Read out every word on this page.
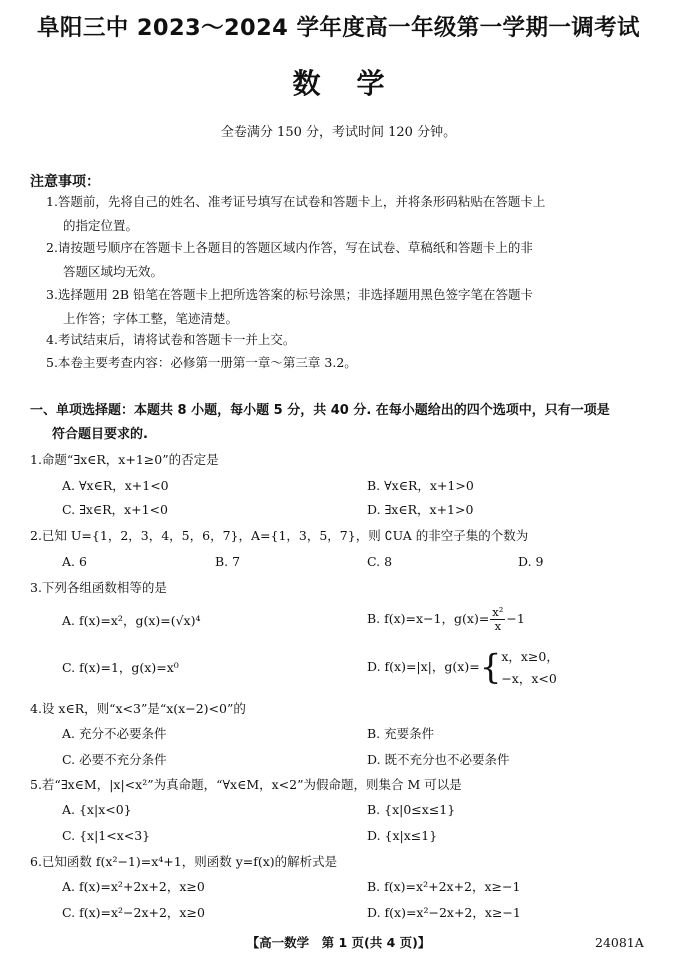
阜阳三中 2023～2024 学年度高一年级第一学期一调考试
数学
全卷满分 150 分，考试时间 120 分钟。
注意事项：
1.答题前，先将自己的姓名、准考证号填写在试卷和答题卡上，并将条形码粘贴在答题卡上
的指定位置。
2.请按题号顺序在答题卡上各题目的答题区域内作答，写在试卷、草稿纸和答题卡上的非
答题区域均无效。
3.选择题用 2B 铅笔在答题卡上把所选答案的标号涂黑；非选择题用黑色签字笔在答题卡
上作答；字体工整，笔迹清楚。
4.考试结束后，请将试卷和答题卡一并上交。
5.本卷主要考查内容：必修第一册第一章～第三章 3.2。
一、单项选择题：本题共 8 小题，每小题 5 分，共 40 分. 在每小题给出的四个选项中，只有一项是
符合题目要求的.
1.命题“∃x∈R，x+1≥0”的否定是
A. ∀x∈R，x+1<0	B. ∀x∈R，x+1>0
C. ∃x∈R，x+1<0	D. ∃x∈R，x+1>0
2.已知 U={1，2，3，4，5，6，7}，A={1，3，5，7}，则 ∁UA 的非空子集的个数为
A. 6	B. 7	C. 8	D. 9
3.下列各组函数相等的是
A. f(x)=x²，g(x)=(√x)⁴	B. f(x)=x−1，$g(x)= \frac{\text{x²}}{x} -1$
C. f(x)=1，g(x)=x⁰	D. f(x)=|x|，g(x)={ x，x≥0，
−x，x<0
4.设 x∈R，则“x<3”是“x(x−2)<0”的
A. 充分不必要条件	B. 充要条件
C. 必要不充分条件	D. 既不充分也不必要条件
5.若“∃x∈M，|x|<x²”为真命题，“∀x∈M，x<2”为假命题，则集合 M 可以是
A. {x|x<0}	B. {x|0≤x≤1}
C. {x|1<x<3}	D. {x|x≤1}
6.已知函数 f(x²−1)=x⁴+1，则函数 y=f(x)的解析式是
A. f(x)=x²+2x+2，x≥0	B. f(x)=x²+2x+2，x≥−1
C. f(x)=x²−2x+2，x≥0	D. f(x)=x²−2x+2，x≥−1
【高一数学　第 1 页(共 4 页)】	24081A
